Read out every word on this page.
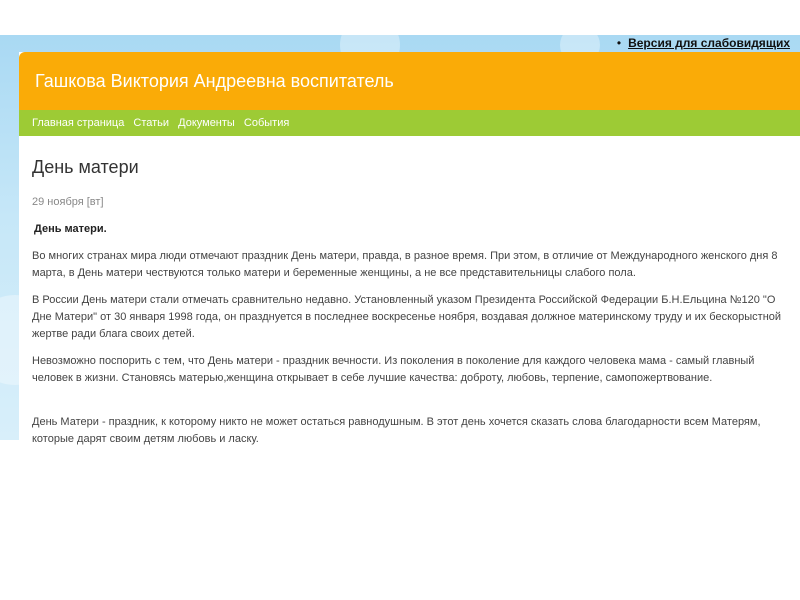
• Версия для слабовидящих
Гашкова Виктория Андреевна воспитатель
Главная страница Статьи Документы События
День матери
29 ноября [вт]
День матери.

Во многих странах мира люди отмечают праздник День матери, правда, в разное время. При этом, в отличие от Международного женского дня 8 марта, в День матери чествуются только матери и беременные женщины, а не все представительницы слабого пола.

В России День матери стали отмечать сравнительно недавно. Установленный указом Президента Российской Федерации Б.Н.Ельцина №120 "О Дне Матери" от 30 января 1998 года, он празднуется в последнее воскресенье ноября, воздавая должное материнскому труду и их бескорыстной жертве ради блага своих детей.

Невозможно поспорить с тем, что День матери - праздник вечности. Из поколения в поколение для каждого человека мама - самый главный человек в жизни. Становясь матерью,женщина открывает в себе лучшие качества: доброту, любовь, терпение, самопожертвование.

День Матери - праздник, к которому никто не может остаться равнодушным. В этот день хочется сказать слова благодарности всем Матерям, которые дарят своим детям любовь и ласку.
